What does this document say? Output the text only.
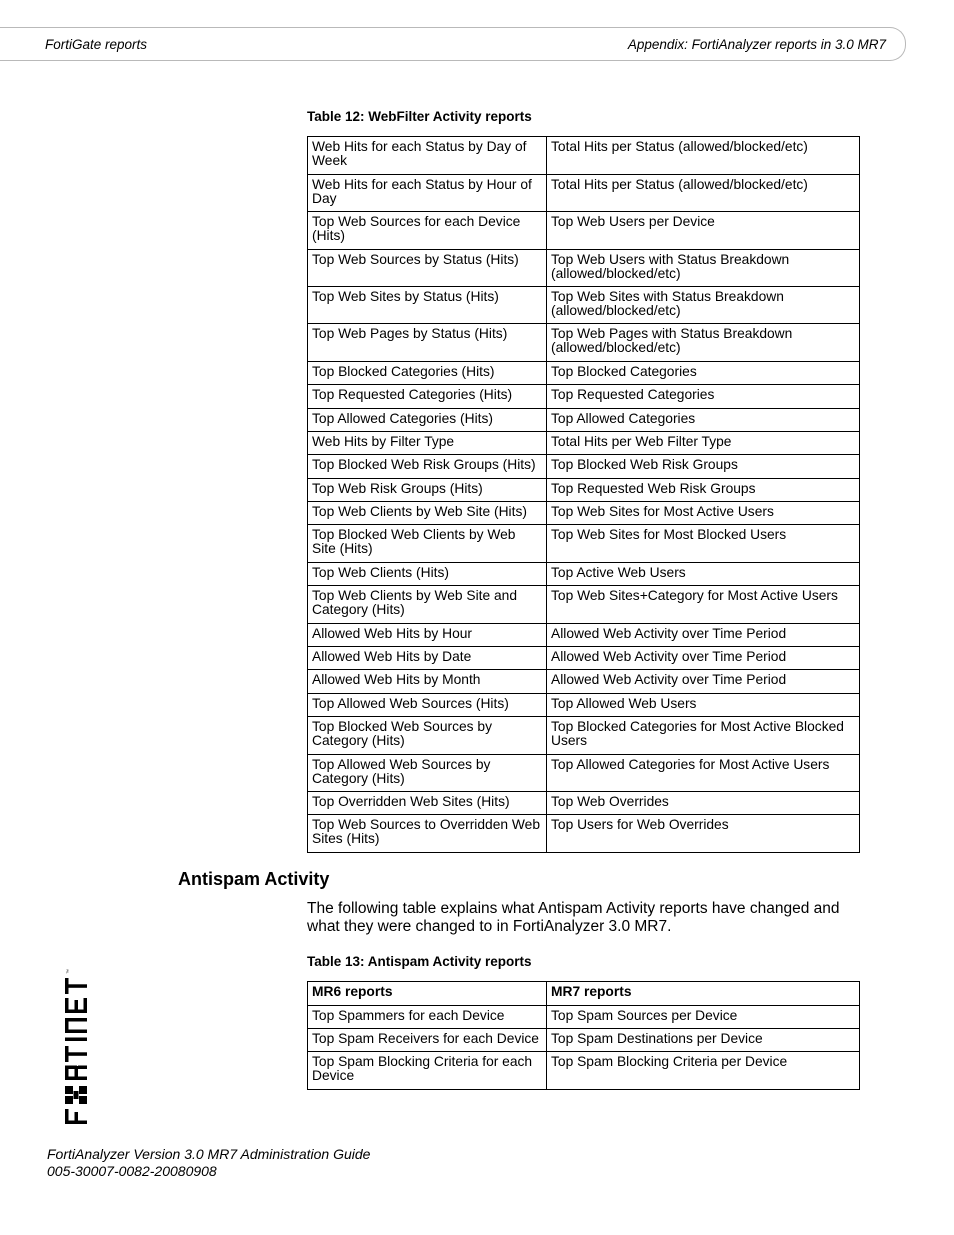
FortiGate reports	Appendix: FortiAnalyzer reports in 3.0 MR7
Table 12: WebFilter Activity reports
Web Hits for each Status by Day of Week	Total Hits per Status (allowed/blocked/etc)
Web Hits for each Status by Hour of Day	Total Hits per Status (allowed/blocked/etc)
Top Web Sources for each Device (Hits)	Top Web Users per Device
Top Web Sources by Status (Hits)	Top Web Users with Status Breakdown (allowed/blocked/etc)
Top Web Sites by Status (Hits)	Top Web Sites with Status Breakdown (allowed/blocked/etc)
Top Web Pages by Status (Hits)	Top Web Pages with Status Breakdown (allowed/blocked/etc)
Top Blocked Categories (Hits)	Top Blocked Categories
Top Requested Categories (Hits)	Top Requested Categories
Top Allowed Categories (Hits)	Top Allowed Categories
Web Hits by Filter Type	Total Hits per Web Filter Type
Top Blocked Web Risk Groups (Hits)	Top Blocked Web Risk Groups
Top Web Risk Groups (Hits)	Top Requested Web Risk Groups
Top Web Clients by Web Site (Hits)	Top Web Sites for Most Active Users
Top Blocked Web Clients by Web Site (Hits)	Top Web Sites for Most Blocked Users
Top Web Clients (Hits)	Top Active Web Users
Top Web Clients by Web Site and Category (Hits)	Top Web Sites+Category for Most Active Users
Allowed Web Hits by Hour	Allowed Web Activity over Time Period
Allowed Web Hits by Date	Allowed Web Activity over Time Period
Allowed Web Hits by Month	Allowed Web Activity over Time Period
Top Allowed Web Sources (Hits)	Top Allowed Web Users
Top Blocked Web Sources by Category (Hits)	Top Blocked Categories for Most Active Blocked Users
Top Allowed Web Sources by Category (Hits)	Top Allowed Categories for Most Active Users
Top Overridden Web Sites (Hits)	Top Web Overrides
Top Web Sources to Overridden Web Sites (Hits)	Top Users for Web Overrides
Antispam Activity
The following table explains what Antispam Activity reports have changed and what they were changed to in FortiAnalyzer 3.0 MR7.
Table 13: Antispam Activity reports
MR6 reports	MR7 reports
Top Spammers for each Device	Top Spam Sources per Device
Top Spam Receivers for each Device	Top Spam Destinations per Device
Top Spam Blocking Criteria for each Device	Top Spam Blocking Criteria per Device
™
FortiAnalyzer Version 3.0 MR7 Administration Guide
005-30007-0082-20080908
